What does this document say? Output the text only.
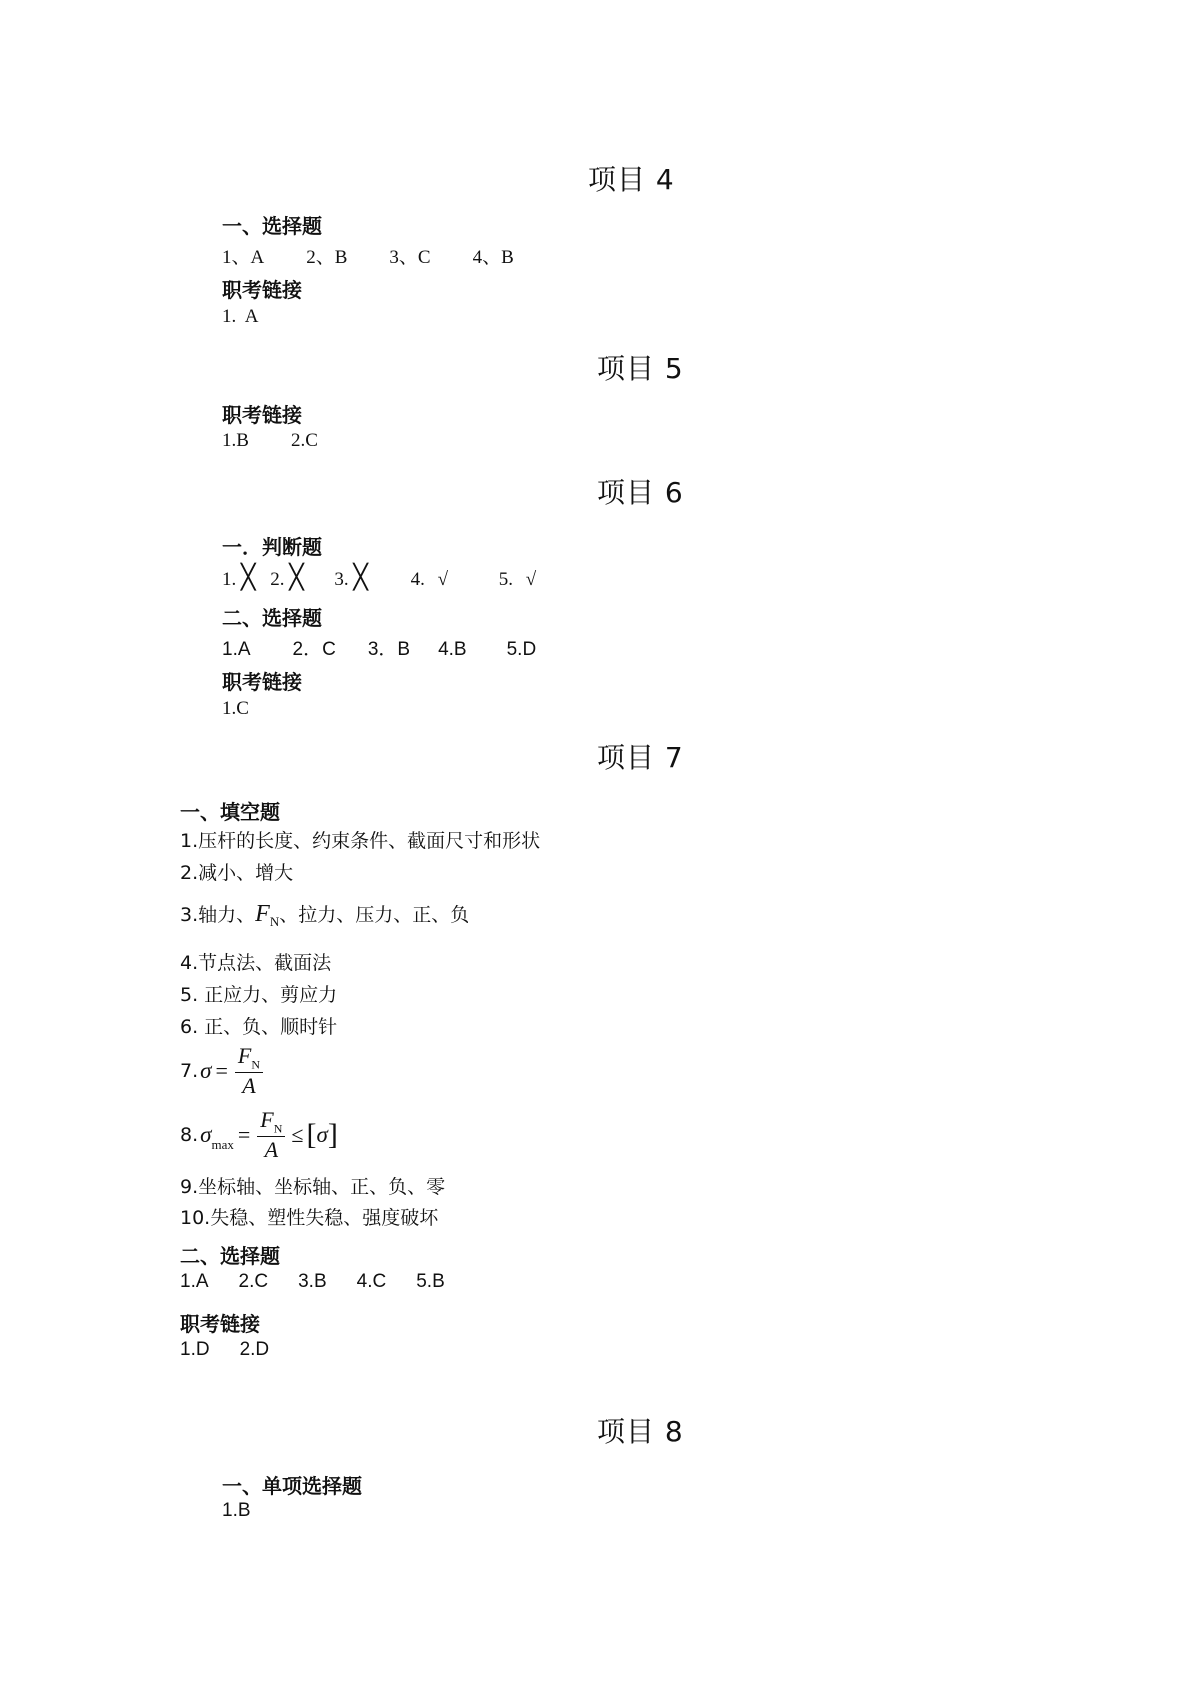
项目 4
一、选择题
1、A 2、B 3、C 4、B
职考链接
1.  A
项目 5
职考链接
1.B 2.C
项目 6
一．判断题
1. ╳ 2. ╳ 3. ╳ 4. √	5. √
二、选择题
1.A 2．C 3．B 4.B 5.D
职考链接
1.C
项目 7
一、填空题
1.压杆的长度、约束条件、截面尺寸和形状
2.减小、增大
3.轴力、$F_N$、拉力、压力、正、负
4.节点法、截面法
5. 正应力、剪应力
6. 正、负、顺时针
7. $\sigma = \frac{F_N}{A}$
8. $\sigma_{max} = \frac{F_N}{A}$ ≤ [ σ ]
9.坐标轴、坐标轴、正、负、零
10.失稳、塑性失稳、强度破坏
二、选择题
1.A 2.C 3.B 4.C 5.B
职考链接
1.D 2.D
项目 8
一、单项选择题
1.B
